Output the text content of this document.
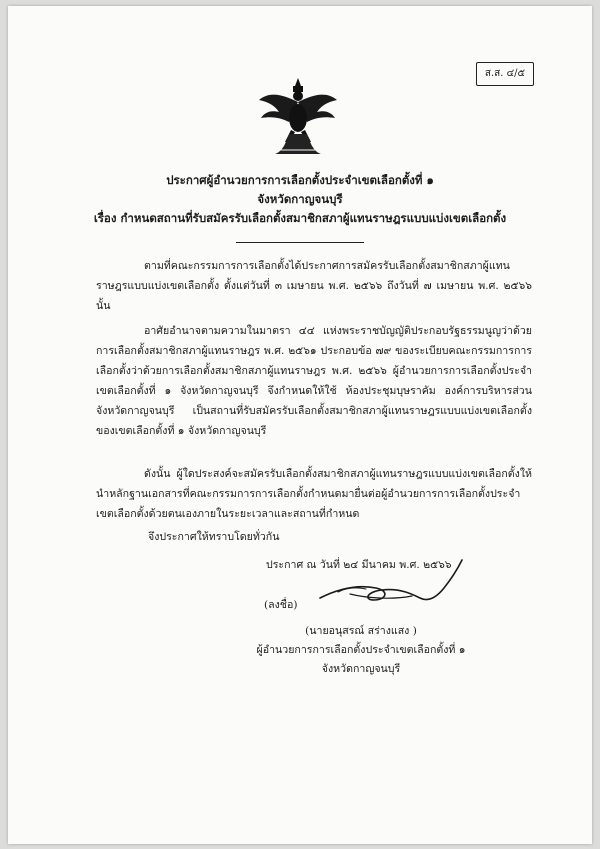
ส.ส. ๔/๕
ประกาศผู้อำนวยการการเลือกตั้งประจำเขตเลือกตั้งที่ ๑
จังหวัดกาญจนบุรี
เรื่อง กำหนดสถานที่รับสมัครรับเลือกตั้งสมาชิกสภาผู้แทนราษฎรแบบแบ่งเขตเลือกตั้ง
ตามที่คณะกรรมการการเลือกตั้งได้ประกาศการสมัครรับเลือกตั้งสมาชิกสภาผู้แทนราษฎรแบบแบ่งเขตเลือกตั้ง ตั้งแต่วันที่ ๓ เมษายน พ.ศ. ๒๕๖๖ ถึงวันที่ ๗ เมษายน พ.ศ. ๒๕๖๖ นั้น
อาศัยอำนาจตามความในมาตรา ๔๔ แห่งพระราชบัญญัติประกอบรัฐธรรมนูญว่าด้วยการเลือกตั้งสมาชิกสภาผู้แทนราษฎร พ.ศ. ๒๕๖๑ ประกอบข้อ ๗๙ ของระเบียบคณะกรรมการการเลือกตั้งว่าด้วยการเลือกตั้งสมาชิกสภาผู้แทนราษฎร พ.ศ. ๒๕๖๖ ผู้อำนวยการการเลือกตั้งประจำเขตเลือกตั้งที่ ๑ จังหวัดกาญจนบุรี จึงกำหนดให้ใช้ ห้องประชุมบุษราคัม องค์การบริหารส่วนจังหวัดกาญจนบุรี เป็นสถานที่รับสมัครรับเลือกตั้งสมาชิกสภาผู้แทนราษฎรแบบแบ่งเขตเลือกตั้งของเขตเลือกตั้งที่ ๑ จังหวัดกาญจนบุรี
ดังนั้น ผู้ใดประสงค์จะสมัครรับเลือกตั้งสมาชิกสภาผู้แทนราษฎรแบบแบ่งเขตเลือกตั้งให้นำหลักฐานเอกสารที่คณะกรรมการการเลือกตั้งกำหนดมายื่นต่อผู้อำนวยการการเลือกตั้งประจำเขตเลือกตั้งด้วยตนเองภายในระยะเวลาและสถานที่กำหนด
จึงประกาศให้ทราบโดยทั่วกัน
ประกาศ ณ วันที่ ๒๔ มีนาคม พ.ศ. ๒๕๖๖
(ลงชื่อ)
(นายอนุสรณ์ สร่างแสง )
ผู้อำนวยการการเลือกตั้งประจำเขตเลือกตั้งที่ ๑
จังหวัดกาญจนบุรี
